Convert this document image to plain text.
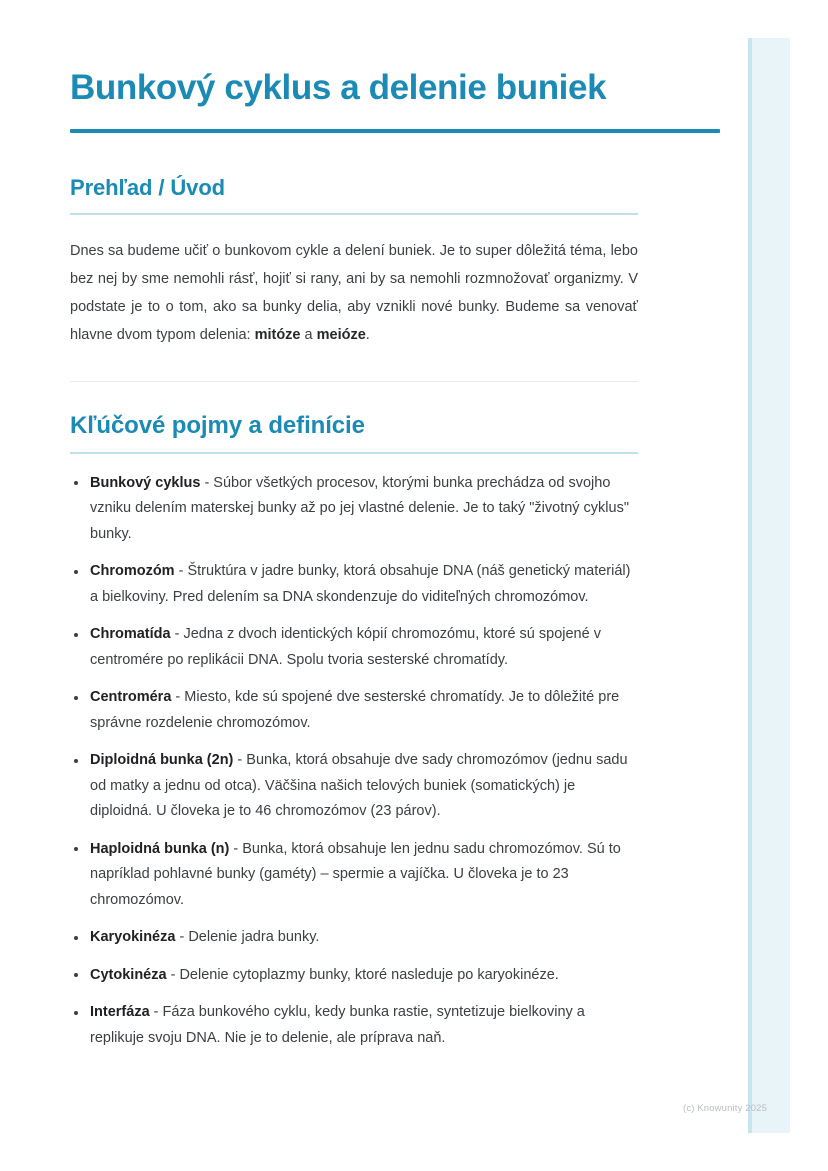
Bunkový cyklus a delenie buniek
Prehľad / Úvod

Dnes sa budeme učiť o bunkovom cykle a delení buniek. Je to super dôležitá téma, lebo bez nej by sme nemohli rásť, hojiť si rany, ani by sa nemohli rozmnožovať organizmy. V podstate je to o tom, ako sa bunky delia, aby vznikli nové bunky. Budeme sa venovať hlavne dvom typom delenia: mitóze a meióze.

Kľúčové pojmy a definície
Bunkový cyklus - Súbor všetkých procesov, ktorými bunka prechádza od svojho vzniku delením materskej bunky až po jej vlastné delenie. Je to taký "životný cyklus" bunky.
Chromozóm - Štruktúra v jadre bunky, ktorá obsahuje DNA (náš genetický materiál) a bielkoviny. Pred delením sa DNA skondenzuje do viditeľných chromozómov.
Chromatída - Jedna z dvoch identických kópií chromozómu, ktoré sú spojené v centromére po replikácii DNA. Spolu tvoria sesterské chromatídy.
Centroméra - Miesto, kde sú spojené dve sesterské chromatídy. Je to dôležité pre správne rozdelenie chromozómov.
Diploidná bunka (2n) - Bunka, ktorá obsahuje dve sady chromozómov (jednu sadu od matky a jednu od otca). Väčšina našich telových buniek (somatických) je diploidná. U človeka je to 46 chromozómov (23 párov).
Haploidná bunka (n) - Bunka, ktorá obsahuje len jednu sadu chromozómov. Sú to napríklad pohlavné bunky (gaméty) – spermie a vajíčka. U človeka je to 23 chromozómov.
Karyokinéza - Delenie jadra bunky.
Cytokinéza - Delenie cytoplazmy bunky, ktoré nasleduje po karyokinéze.
Interfáza - Fáza bunkového cyklu, kedy bunka rastie, syntetizuje bielkoviny a replikuje svoju DNA. Nie je to delenie, ale príprava naň.
(c) Knowunity 2025
